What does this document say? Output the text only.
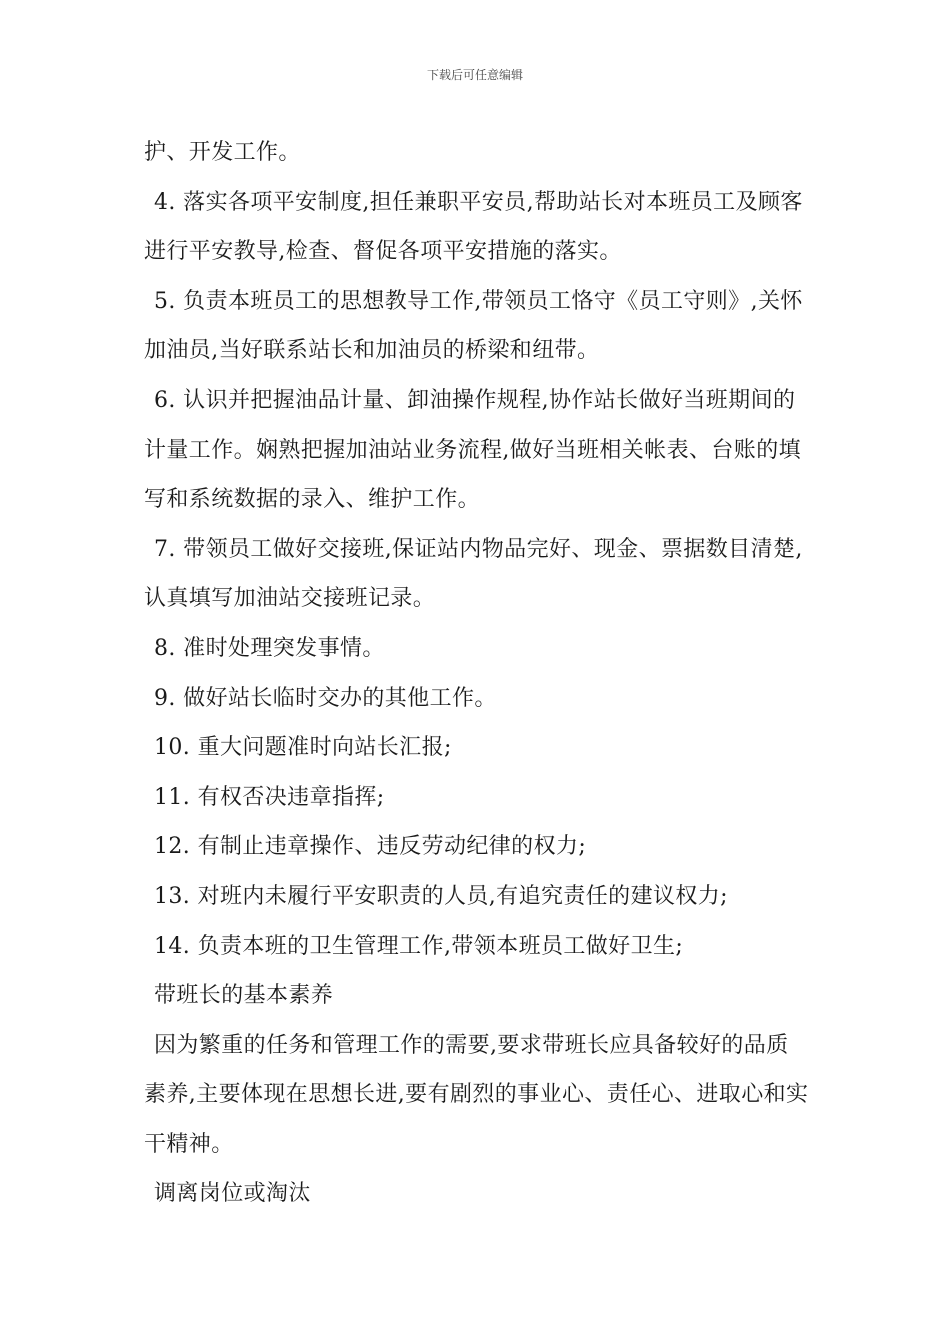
下载后可任意编辑
护、开发工作。
4. 落实各项平安制度,担任兼职平安员,帮助站长对本班员工及顾客
进行平安教导,检查、督促各项平安措施的落实。
5. 负责本班员工的思想教导工作,带领员工恪守《员工守则》,关怀
加油员,当好联系站长和加油员的桥梁和纽带。
6. 认识并把握油品计量、卸油操作规程,协作站长做好当班期间的
计量工作。娴熟把握加油站业务流程,做好当班相关帐表、台账的填
写和系统数据的录入、维护工作。
7. 带领员工做好交接班,保证站内物品完好、现金、票据数目清楚,
认真填写加油站交接班记录。
8. 准时处理突发事情。
9. 做好站长临时交办的其他工作。
10. 重大问题准时向站长汇报;
11. 有权否决违章指挥;
12. 有制止违章操作、违反劳动纪律的权力;
13. 对班内未履行平安职责的人员,有追究责任的建议权力;
14. 负责本班的卫生管理工作,带领本班员工做好卫生;
带班长的基本素养
因为繁重的任务和管理工作的需要,要求带班长应具备较好的品质
素养,主要体现在思想长进,要有剧烈的事业心、责任心、进取心和实
干精神。
调离岗位或淘汰
